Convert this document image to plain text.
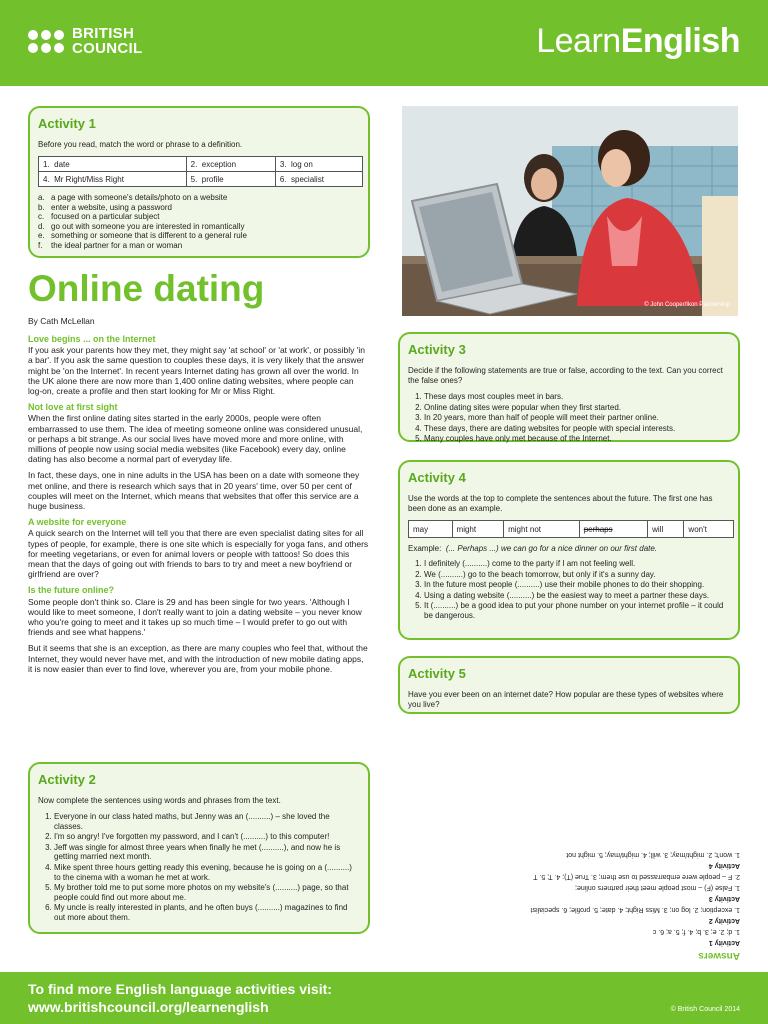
BRITISH
COUNCIL	LearnEnglish
Activity 1

Before you read, match the word or phrase to a definition.

1. date	2. exception	3. log on
4. Mr Right/Miss Right	5. profile	6. specialist
a. a page with someone's details/photo on a website
b. enter a website, using a password
c. focused on a particular subject
d. go out with someone you are interested in romantically
e. something or someone that is different to a general rule
f. the ideal partner for a man or woman
Online dating
By Cath McLellan
Love begins ... on the Internet

If you ask your parents how they met, they might say 'at school' or 'at work', or possibly 'in a bar'. If you ask the same question to couples these days, it is very likely that the answer might be 'on the Internet'. In recent years Internet dating has grown all over the world. In the UK alone there are now more than 1,400 online dating websites, where people can log-on, create a profile and then start looking for Mr or Miss Right.

Not love at first sight

When the first online dating sites started in the early 2000s, people were often embarrassed to use them. The idea of meeting someone online was considered unusual, or perhaps a bit strange. As our social lives have moved more and more online, with millions of people now using social media websites (like Facebook) every day, online dating has also become a normal part of everyday life.

In fact, these days, one in nine adults in the USA has been on a date with someone they met online, and there is research which says that in 20 years' time, over 50 per cent of couples will meet on the Internet, which means that websites that offer this service are a huge business.

A website for everyone

A quick search on the Internet will tell you that there are even specialist dating sites for all types of people, for example, there is one site which is especially for yoga fans, and others for meeting vegetarians, or even for animal lovers or people with tattoos! So does this mean that the days of going out with friends to bars to try and meet a new boyfriend or girlfriend are over?

Is the future online?

Some people don't think so. Clare is 29 and has been single for two years. 'Although I would like to meet someone, I don't really want to join a dating website – you never know who you're going to meet and it takes up so much time – I would prefer to go out with friends and see what happens.'

But it seems that she is an exception, as there are many couples who feel that, without the Internet, they would never have met, and with the introduction of new mobile dating apps, it is now easier than ever to find love, wherever you are, from your mobile phone.

© John Cooper/Ikon Partnership
Activity 3

Decide if the following statements are true or false, according to the text. Can you correct the false ones?

1. These days most couples meet in bars.
2. Online dating sites were popular when they first started.
3. In 20 years, more than half of people will meet their partner online.
4. These days, there are dating websites for people with special interests.
5. Many couples have only met because of the Internet.
Activity 4

Use the words at the top to complete the sentences about the future. The first one has been done as an example.

may	might	might not	perhaps	will	won't
Example: (... Perhaps ...) we can go for a nice dinner on our first date.
1. I definitely (..........) come to the party if I am not feeling well.
2. We (..........) go to the beach tomorrow, but only if it's a sunny day.
3. In the future most people (..........) use their mobile phones to do their shopping.
4. Using a dating website (..........) be the easiest way to meet a partner these days.
5. It (..........) be a good idea to put your phone number on your internet profile – it could be dangerous.
Activity 5

Have you ever been on an internet date? How popular are these types of websites where you live?

Activity 2

Now complete the sentences using words and phrases from the text.

1. Everyone in our class hated maths, but Jenny was an (..........) – she loved the classes.
2. I'm so angry! I've forgotten my password, and I can't (..........) to this computer!
3. Jeff was single for almost three years when finally he met (..........), and now he is getting married next month.
4. Mike spent three hours getting ready this evening, because he is going on a (..........) to the cinema with a woman he met at work.
5. My brother told me to put some more photos on my website's (..........) page, so that people could find out more about me.
6. My uncle is really interested in plants, and he often buys (..........) magazines to find out more about them.
Answers

Activity 1

1. d; 2. e; 3. b; 4. f; 5. a; 6. c

Activity 2

1. exception; 2. log on; 3. Miss Right; 4. date; 5. profile; 6. specialist

Activity 3

1. False (F) – most people meet their partners online;

2. F – people were embarrassed to use them; 3. True (T); 4. T; 5. T

Activity 4

1. won't; 2. might/may; 3. will; 4. might/may; 5. might not

To find more English language activities visit:
www.britishcouncil.org/learnenglish	© British Council 2014
